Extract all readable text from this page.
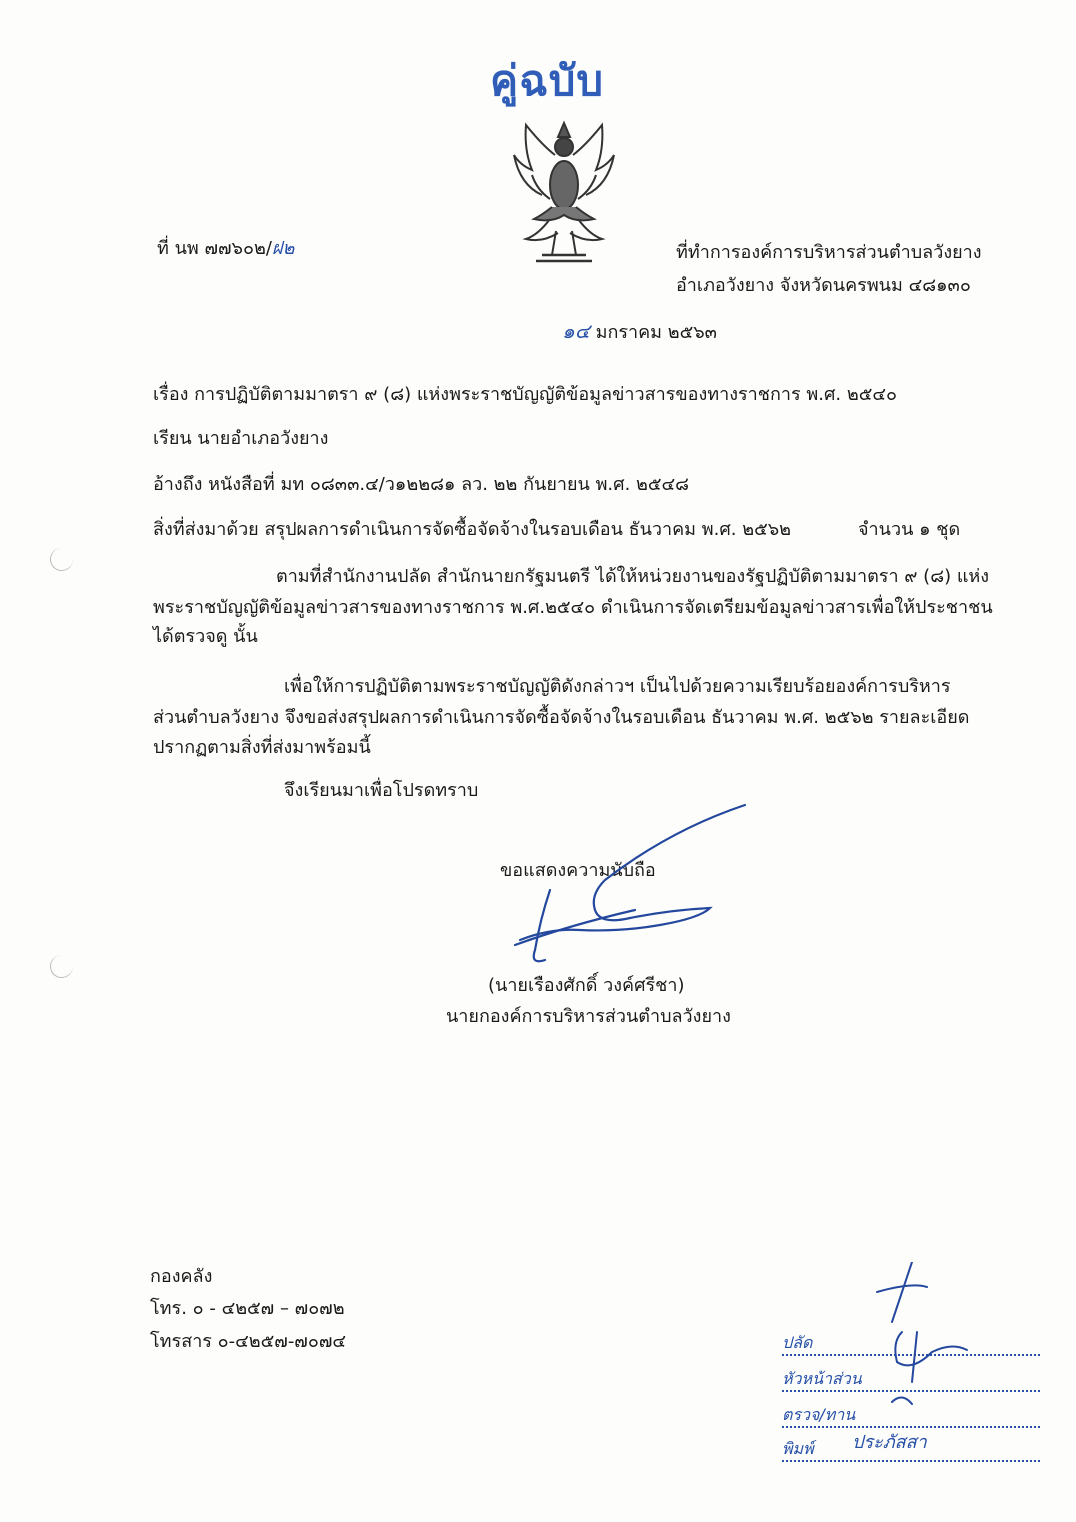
คู่ฉบับ
ที่ นพ ๗๗๖๐๒/ฝ๒	ที่ทำการองค์การบริหารส่วนตำบลวังยาง
อำเภอวังยาง จังหวัดนครพนม ๔๘๑๓๐
๑๔ มกราคม ๒๕๖๓
เรื่อง การปฏิบัติตามมาตรา ๙ (๘) แห่งพระราชบัญญัติข้อมูลข่าวสารของทางราชการ พ.ศ. ๒๕๔๐
เรียน นายอำเภอวังยาง
อ้างถึง หนังสือที่ มท ๐๘๓๓.๔/ว๑๒๒๘๑ ลว. ๒๒ กันยายน พ.ศ. ๒๕๔๘
สิ่งที่ส่งมาด้วย สรุปผลการดำเนินการจัดซื้อจัดจ้างในรอบเดือน ธันวาคม พ.ศ. ๒๕๖๒	จำนวน ๑ ชุด
ตามที่สำนักงานปลัด สำนักนายกรัฐมนตรี ได้ให้หน่วยงานของรัฐปฏิบัติตามมาตรา ๙ (๘) แห่ง
พระราชบัญญัติข้อมูลข่าวสารของทางราชการ พ.ศ.๒๕๔๐ ดำเนินการจัดเตรียมข้อมูลข่าวสารเพื่อให้ประชาชน
ได้ตรวจดู นั้น
เพื่อให้การปฏิบัติตามพระราชบัญญัติดังกล่าวฯ เป็นไปด้วยความเรียบร้อยองค์การบริหาร
ส่วนตำบลวังยาง จึงขอส่งสรุปผลการดำเนินการจัดซื้อจัดจ้างในรอบเดือน ธันวาคม พ.ศ. ๒๕๖๒ รายละเอียด
ปรากฏตามสิ่งที่ส่งมาพร้อมนี้
จึงเรียนมาเพื่อโปรดทราบ
ขอแสดงความนับถือ
(นายเรืองศักดิ์ วงค์ศรีชา)
นายกองค์การบริหารส่วนตำบลวังยาง
กองคลัง
โทร. ๐ - ๔๒๕๗ – ๗๐๗๒
โทรสาร ๐-๔๒๕๗-๗๐๗๔	ปลัด
หัวหน้าส่วน
ตรวจ/ทาน
พิมพ์ ประภัสสา
